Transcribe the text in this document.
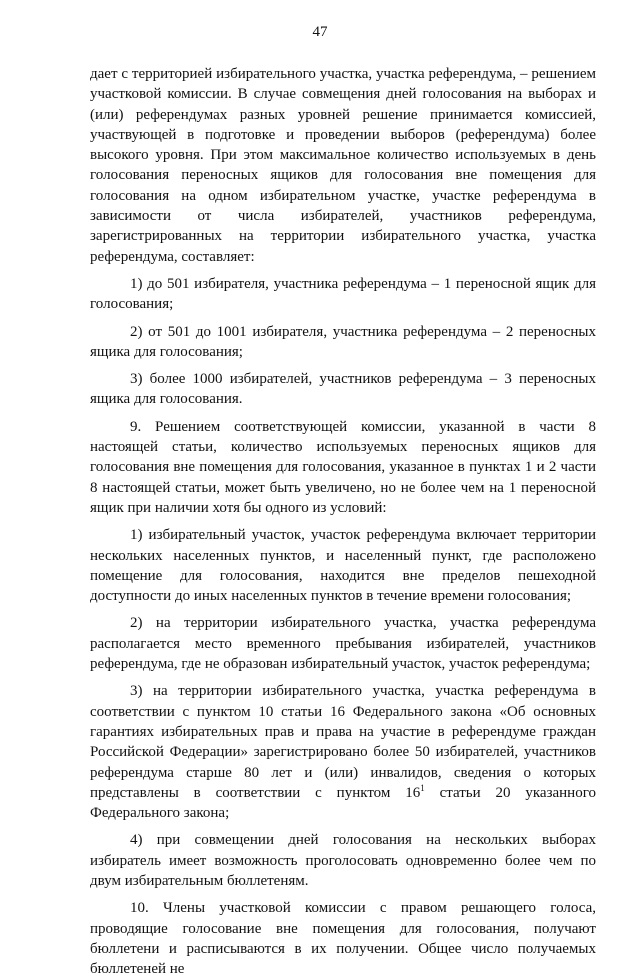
47

дает с территорией избирательного участка, участка референдума, – решением участковой комиссии. В случае совмещения дней голосования на выборах и (или) референдумах разных уровней решение принимается комиссией, участвующей в подготовке и проведении выборов (референдума) более высокого уровня. При этом максимальное количество используемых в день голосования переносных ящиков для голосования вне помещения для голосования на одном избирательном участке, участке референдума в зависимости от числа избирателей, участников референдума, зарегистрированных на территории избирательного участка, участка референдума, составляет:

1) до 501 избирателя, участника референдума – 1 переносной ящик для голосования;

2) от 501 до 1001 избирателя, участника референдума – 2 переносных ящика для голосования;

3) более 1000 избирателей, участников референдума – 3 переносных ящика для голосования.

9. Решением соответствующей комиссии, указанной в части 8 настоящей статьи, количество используемых переносных ящиков для голосования вне помещения для голосования, указанное в пунктах 1 и 2 части 8 настоящей статьи, может быть увеличено, но не более чем на 1 переносной ящик при наличии хотя бы одного из условий:

1) избирательный участок, участок референдума включает территории нескольких населенных пунктов, и населенный пункт, где расположено помещение для голосования, находится вне пределов пешеходной доступности до иных населенных пунктов в течение времени голосования;

2) на территории избирательного участка, участка референдума располагается место временного пребывания избирателей, участников референдума, где не образован избирательный участок, участок референдума;

3) на территории избирательного участка, участка референдума в соответствии с пунктом 10 статьи 16 Федерального закона «Об основных гарантиях избирательных прав и права на участие в референдуме граждан Российской Федерации» зарегистрировано более 50 избирателей, участников референдума старше 80 лет и (или) инвалидов, сведения о которых представлены в соответствии с пунктом $16^1$ статьи 20 указанного Федерального закона;

4) при совмещении дней голосования на нескольких выборах избиратель имеет возможность проголосовать одновременно более чем по двум избирательным бюллетеням.

10. Члены участковой комиссии с правом решающего голоса, проводящие голосование вне помещения для голосования, получают бюллетени и расписываются в их получении. Общее число получаемых бюллетеней не
